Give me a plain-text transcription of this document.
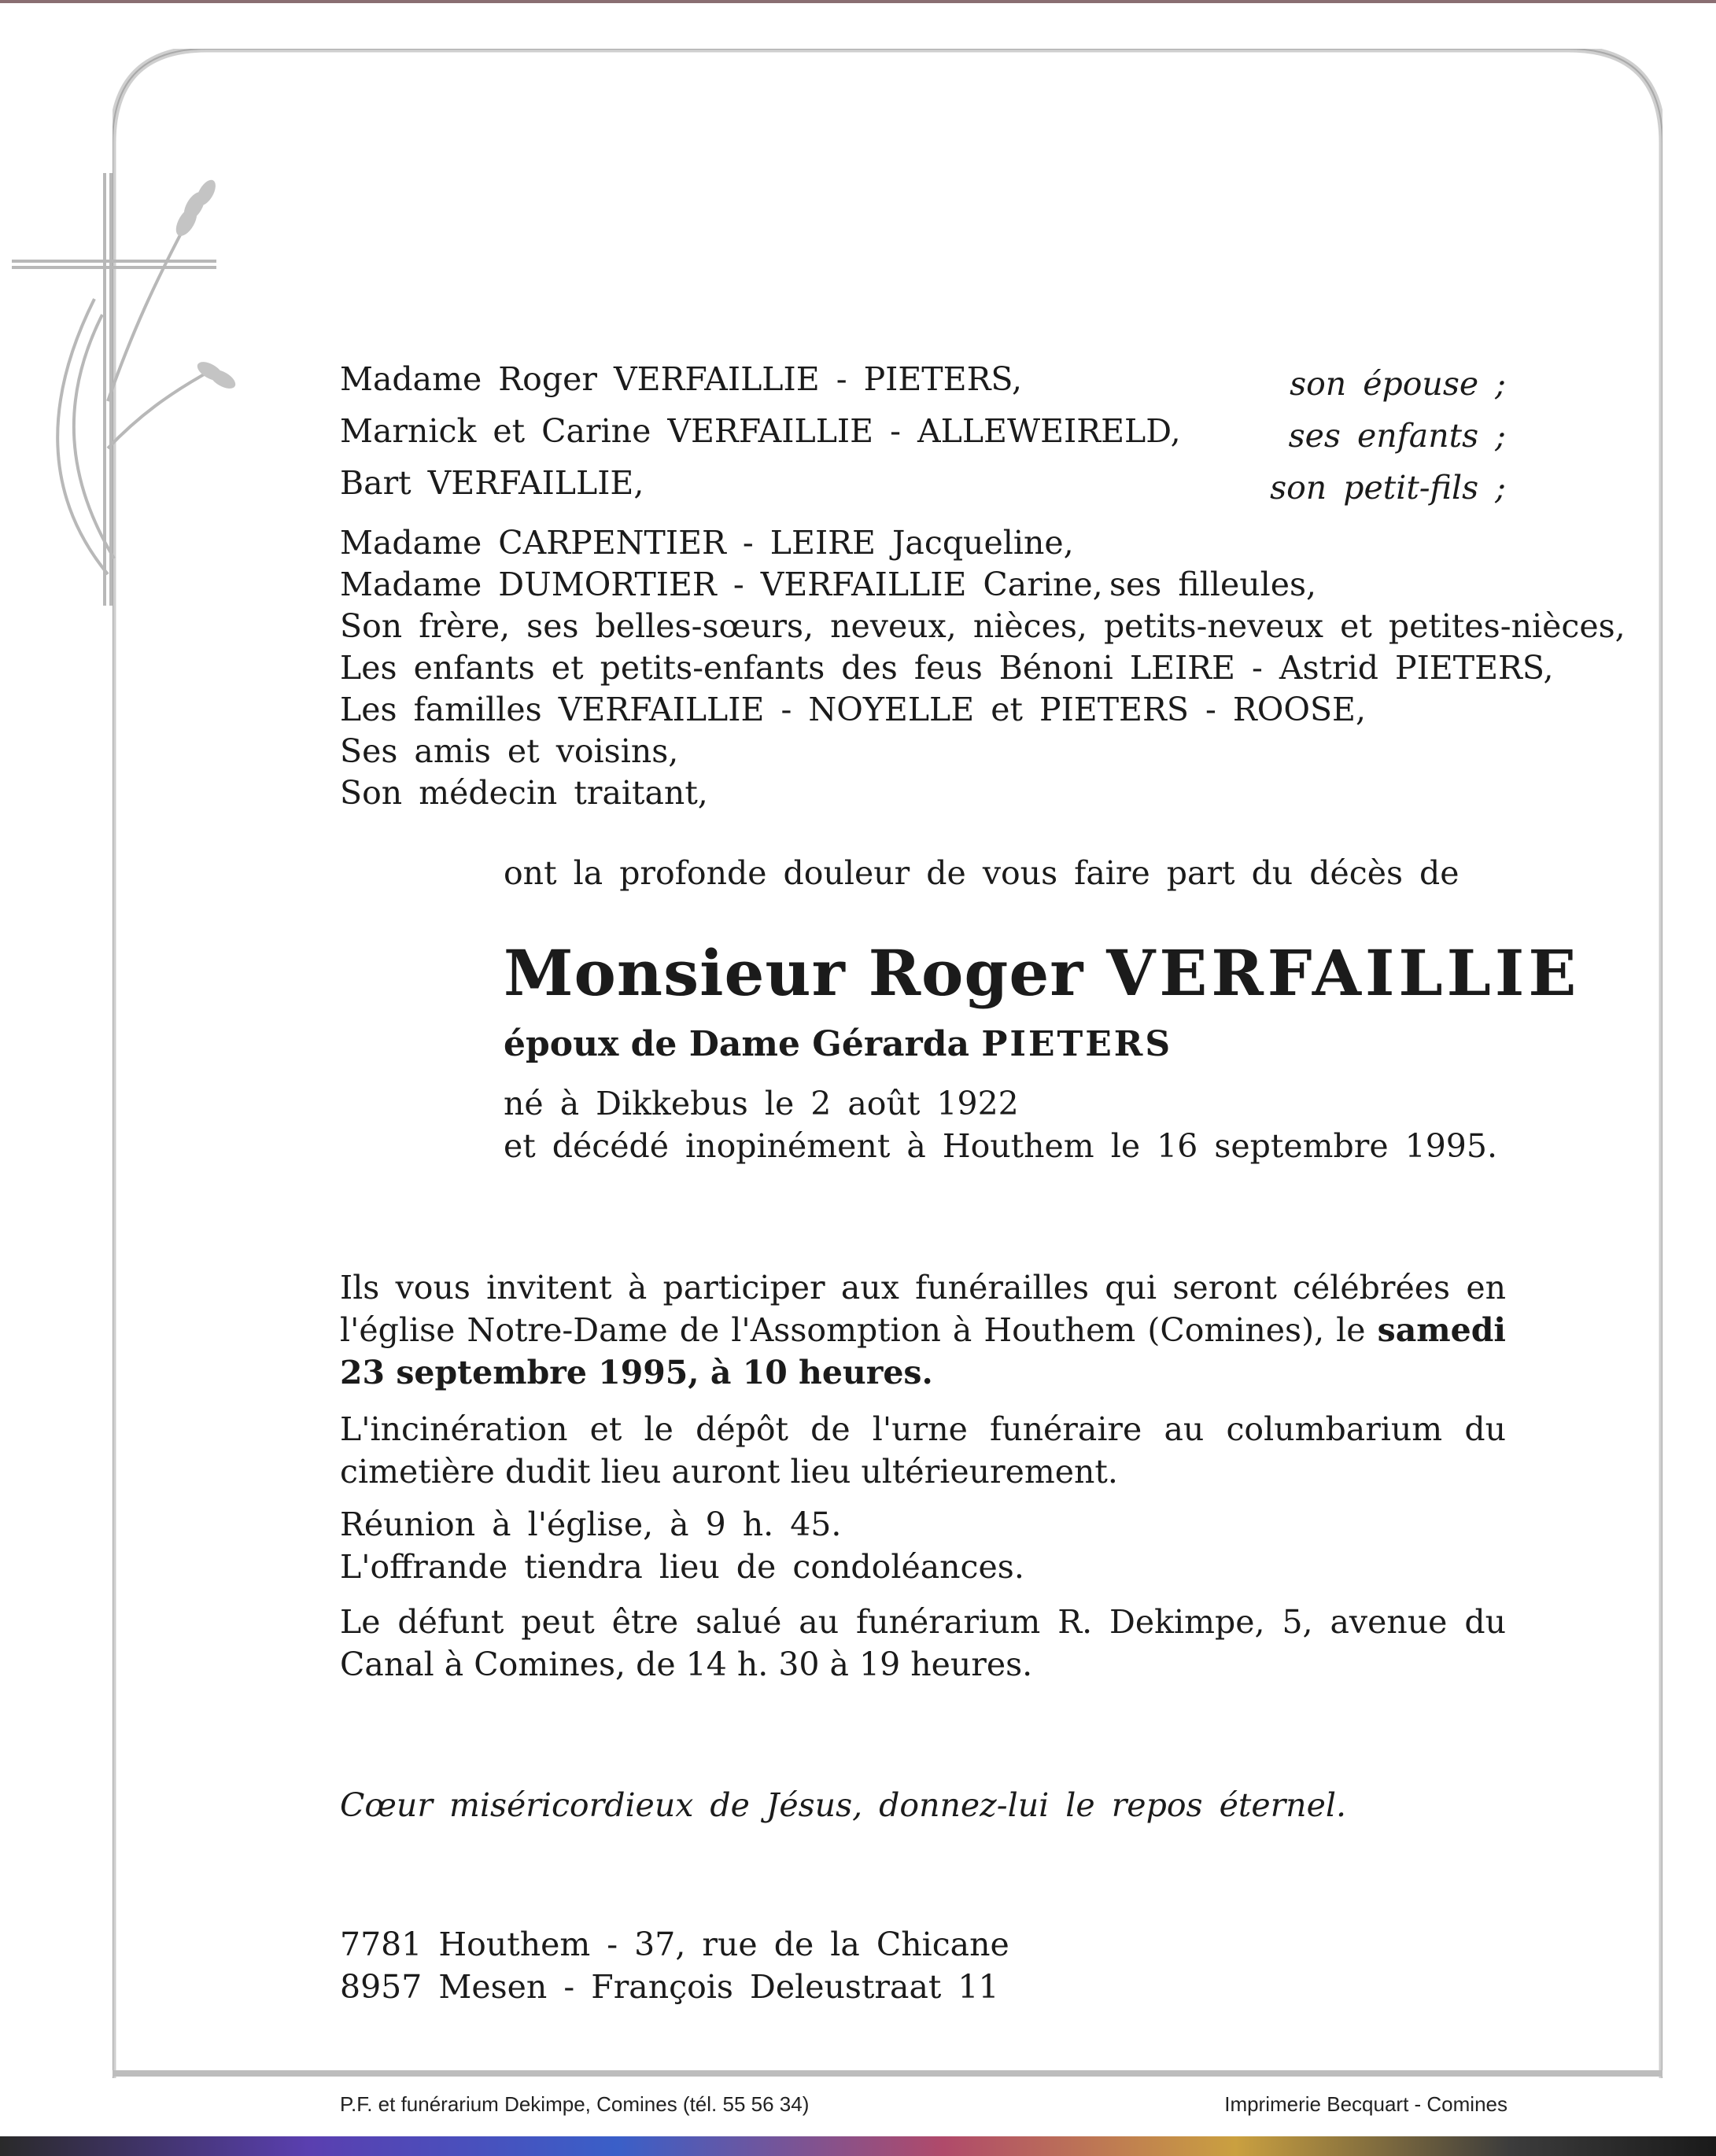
Madame Roger VERFAILLIE - PIETERS,	son épouse ;
Marnick et Carine VERFAILLIE - ALLEWEIRELD,	ses enfants ;
Bart VERFAILLIE,	son petit-fils ;
Madame CARPENTIER - LEIRE Jacqueline,
Madame DUMORTIER - VERFAILLIE Carine, ses filleules,
Son frère, ses belles-sœurs, neveux, nièces, petits-neveux et petites-nièces,
Les enfants et petits-enfants des feus Bénoni LEIRE - Astrid PIETERS,
Les familles VERFAILLIE - NOYELLE et PIETERS - ROOSE,
Ses amis et voisins,
Son médecin traitant,
ont la profonde douleur de vous faire part du décès de
Monsieur Roger VERFAILLIE
époux de Dame Gérarda PIETERS
né à Dikkebus le 2 août 1922
et décédé inopinément à Houthem le 16 septembre 1995.
Ils vous invitent à participer aux funérailles qui seront célébrées en l'église Notre-Dame de l'Assomption à Houthem (Comines), le samedi 23 septembre 1995, à 10 heures.
L'incinération et le dépôt de l'urne funéraire au columbarium du cimetière dudit lieu auront lieu ultérieurement.
Réunion à l'église, à 9 h. 45.
L'offrande tiendra lieu de condoléances.
Le défunt peut être salué au funérarium R. Dekimpe, 5, avenue du Canal à Comines, de 14 h. 30 à 19 heures.
Cœur miséricordieux de Jésus, donnez-lui le repos éternel.
7781 Houthem - 37, rue de la Chicane
8957 Mesen - François Deleustraat 11
P.F. et funérarium Dekimpe, Comines (tél. 55 56 34)	Imprimerie Becquart - Comines
